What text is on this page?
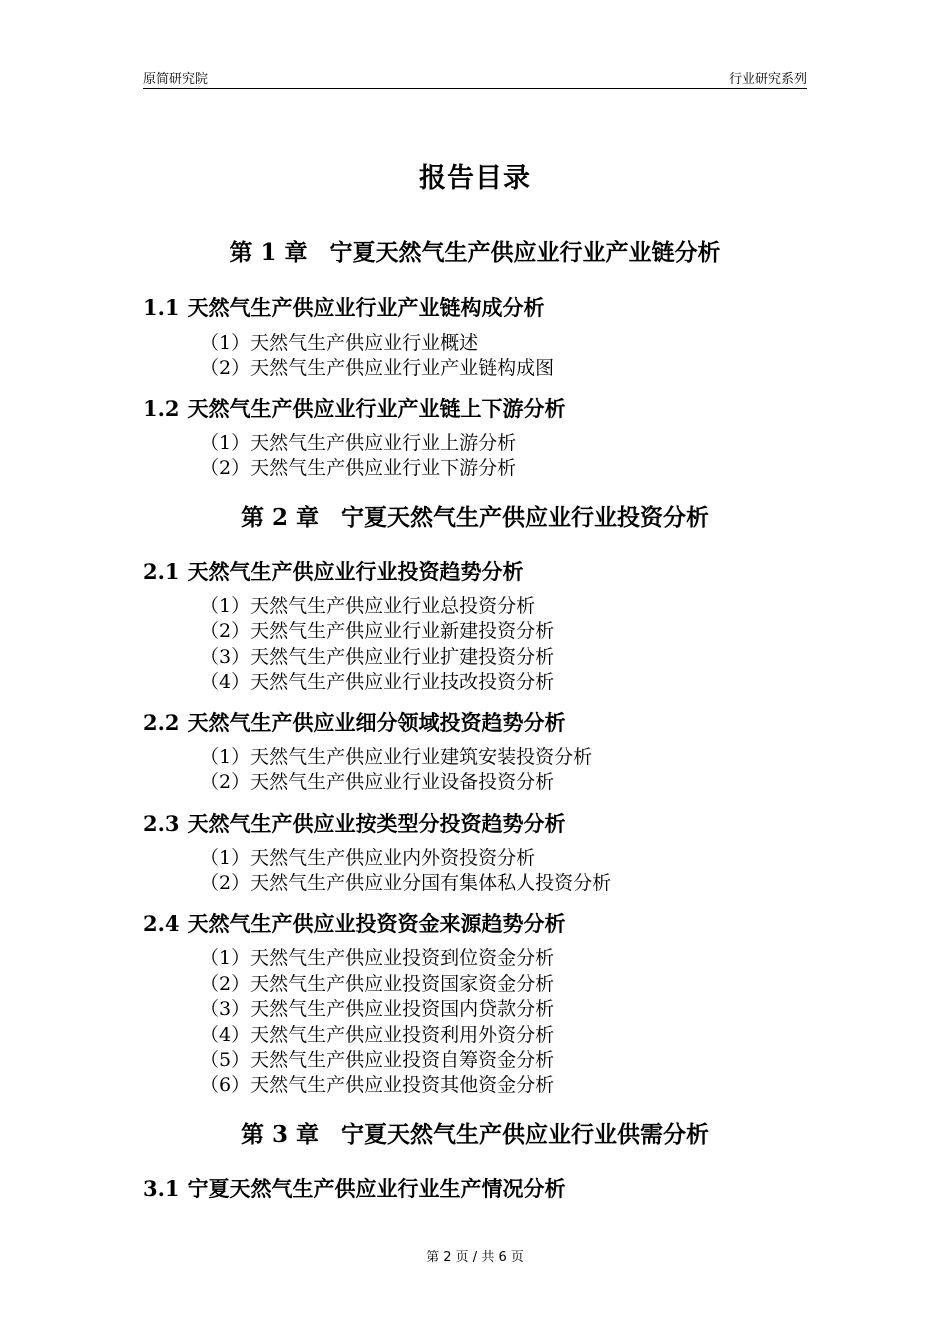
原简研究院	行业研究系列
报告目录
第 1 章 宁夏天然气生产供应业行业产业链分析
1.1 天然气生产供应业行业产业链构成分析
（1）天然气生产供应业行业概述
（2）天然气生产供应业行业产业链构成图
1.2 天然气生产供应业行业产业链上下游分析
（1）天然气生产供应业行业上游分析
（2）天然气生产供应业行业下游分析
第 2 章 宁夏天然气生产供应业行业投资分析
2.1 天然气生产供应业行业投资趋势分析
（1）天然气生产供应业行业总投资分析
（2）天然气生产供应业行业新建投资分析
（3）天然气生产供应业行业扩建投资分析
（4）天然气生产供应业行业技改投资分析
2.2 天然气生产供应业细分领域投资趋势分析
（1）天然气生产供应业行业建筑安装投资分析
（2）天然气生产供应业行业设备投资分析
2.3 天然气生产供应业按类型分投资趋势分析
（1）天然气生产供应业内外资投资分析
（2）天然气生产供应业分国有集体私人投资分析
2.4 天然气生产供应业投资资金来源趋势分析
（1）天然气生产供应业投资到位资金分析
（2）天然气生产供应业投资国家资金分析
（3）天然气生产供应业投资国内贷款分析
（4）天然气生产供应业投资利用外资分析
（5）天然气生产供应业投资自筹资金分析
（6）天然气生产供应业投资其他资金分析
第 3 章 宁夏天然气生产供应业行业供需分析
3.1 宁夏天然气生产供应业行业生产情况分析
第 2 页 / 共 6 页
